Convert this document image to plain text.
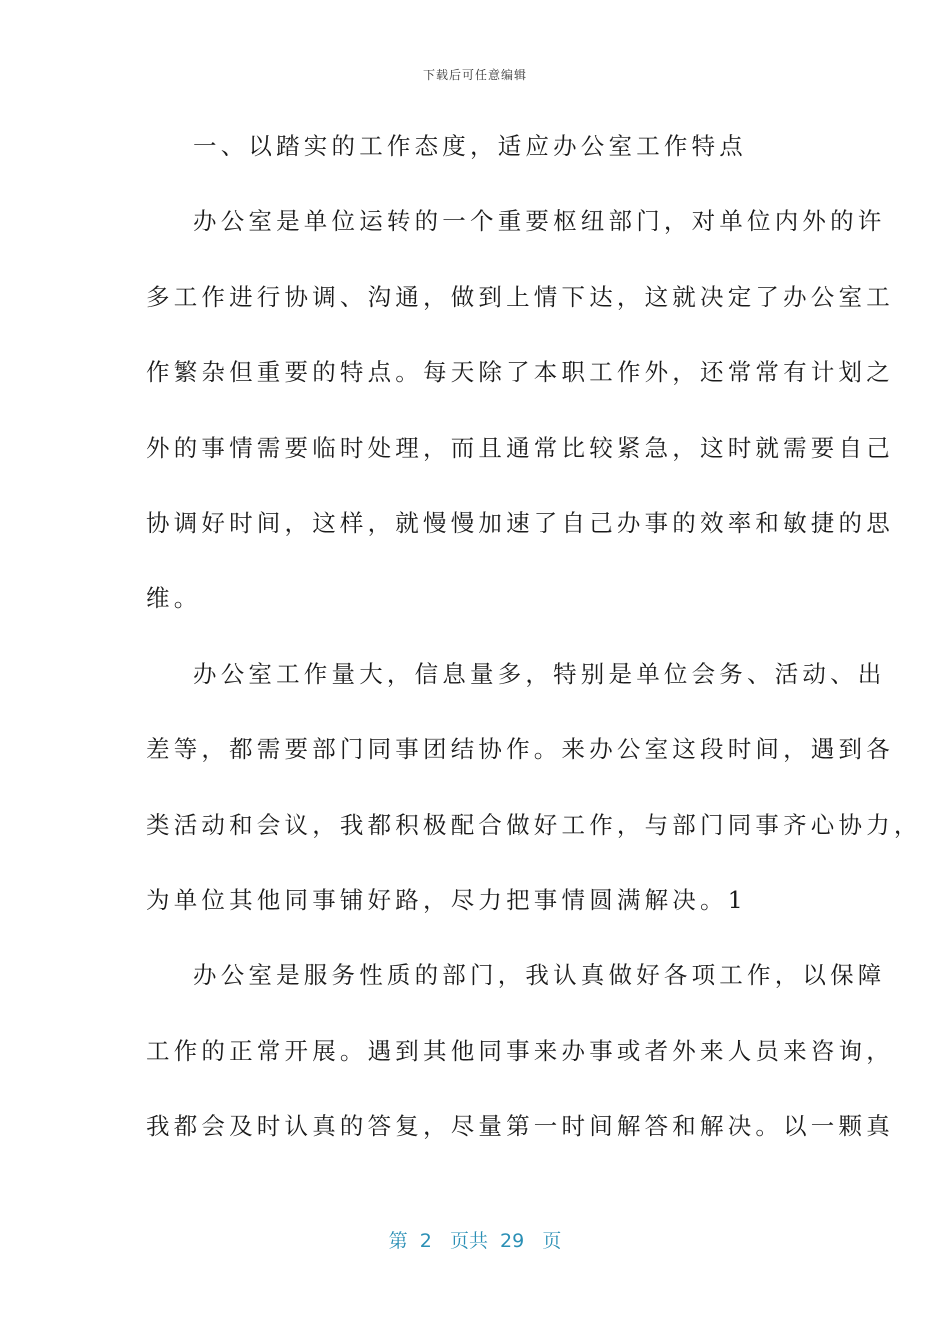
下载后可任意编辑
一、以踏实的工作态度，适应办公室工作特点
办公室是单位运转的一个重要枢纽部门，对单位内外的许
多工作进行协调、沟通，做到上情下达，这就决定了办公室工
作繁杂但重要的特点。每天除了本职工作外，还常常有计划之
外的事情需要临时处理，而且通常比较紧急，这时就需要自己
协调好时间，这样，就慢慢加速了自己办事的效率和敏捷的思
维。
办公室工作量大，信息量多，特别是单位会务、活动、出
差等，都需要部门同事团结协作。来办公室这段时间，遇到各
类活动和会议，我都积极配合做好工作，与部门同事齐心协力，
为单位其他同事铺好路，尽力把事情圆满解决。1
办公室是服务性质的部门，我认真做好各项工作，以保障
工作的正常开展。遇到其他同事来办事或者外来人员来咨询，
我都会及时认真的答复，尽量第一时间解答和解决。以一颗真
第 2 页共 29 页
